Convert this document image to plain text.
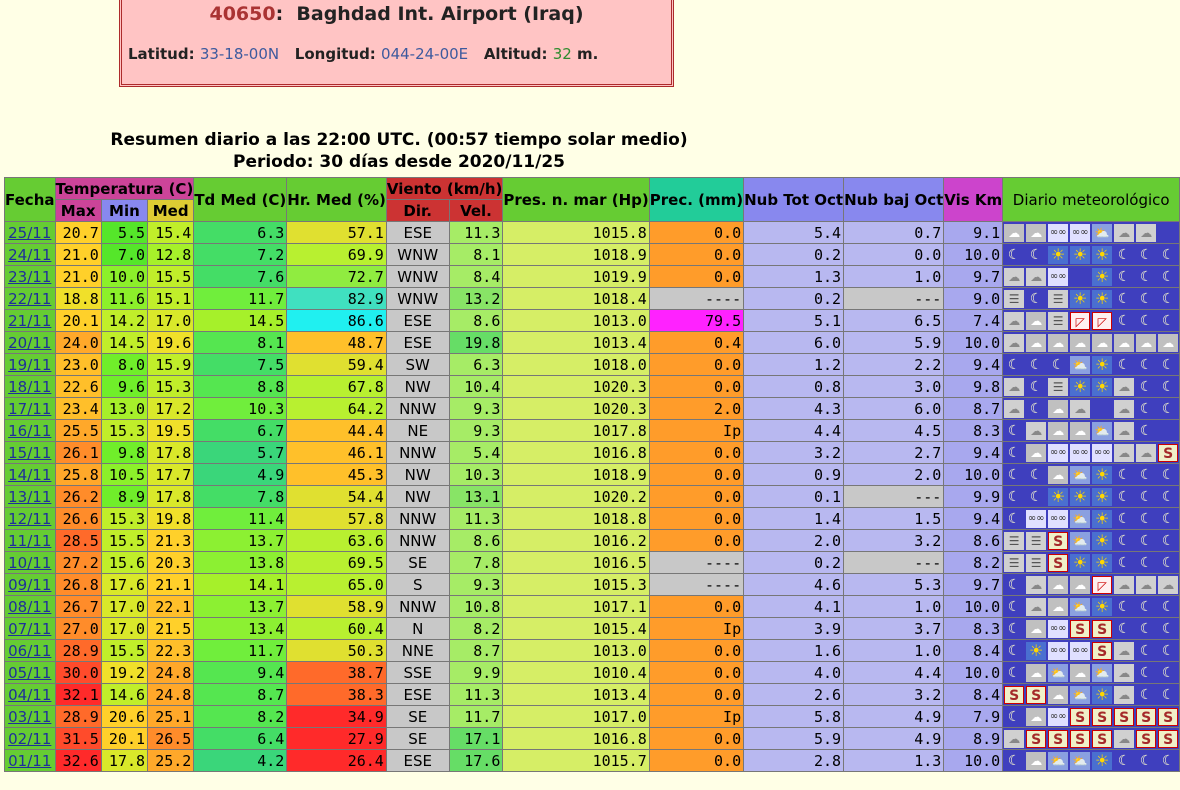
40650:  Baghdad Int. Airport (Iraq)
Latitud: 33-18-00N Longitud: 044-24-00E Altitud: 32 m.
Resumen diario a las 22:00 UTC. (00:57 tiempo solar medio)
Periodo: 30 días desde 2020/11/25
Fecha	Temperatura (C)			Td Med (C)	Hr. Med (%)	Viento (km/h)		Pres. n. mar (Hp)	Prec. (mm)	Nub Tot Oct	Nub baj Oct	Vis Km	Diario meteorológico
	Max	Min	Med			Dir.	Vel.						
25/11	20.7	5.5	15.4	6.3	57.1	ESE	11.3	1015.8	0.0	5.4	0.7	9.1	☁ ☁ ∞∞ ∞∞ ⛅ ☁ ☁
24/11	21.0	7.0	12.8	7.2	69.9	WNW	8.1	1018.9	0.0	0.2	0.0	10.0	☾ ☾ ☀ ☀ ☀ ☾ ☾ ☾
23/11	21.0	10.0	15.5	7.6	72.7	WNW	8.4	1019.9	0.0	1.3	1.0	9.7	☁ ☁ ∞∞ ☀ ☾ ☾ ☾
22/11	18.8	11.6	15.1	11.7	82.9	WNW	13.2	1018.4	----	0.2	---	9.0	☰ ☾ ☰ ☀ ☀ ☾ ☾ ☾
21/11	20.1	14.2	17.0	14.5	86.6	ESE	8.6	1013.0	79.5	5.1	6.5	7.4	☁ ☁ ☰ ◸ ◸ ☾ ☾ ☾
20/11	24.0	14.5	19.6	8.1	48.7	ESE	19.8	1013.4	0.4	6.0	5.9	10.0	☁ ☁ ☁ ☁ ☁ ☁ ☁ ☁
19/11	23.0	8.0	15.9	7.5	59.4	SW	6.3	1018.0	0.0	1.2	2.2	9.4	☾ ☾ ☾ ⛅ ☀ ☾ ☾ ☾
18/11	22.6	9.6	15.3	8.8	67.8	NW	10.4	1020.3	0.0	0.8	3.0	9.8	☁ ☾ ☰ ☀ ☀ ☁ ☾ ☾
17/11	23.4	13.0	17.2	10.3	64.2	NNW	9.3	1020.3	2.0	4.3	6.0	8.7	☁ ☾ ☁ ☁ ☁ ☾ ☾
16/11	25.5	15.3	19.5	6.7	44.4	NE	9.3	1017.8	Ip	4.4	4.5	8.3	☾ ☁ ☁ ☁ ⛅ ☁ ☾
15/11	26.1	9.8	17.8	5.7	46.1	NNW	5.4	1016.8	0.0	3.2	2.7	9.4	☾ ☁ ∞∞ ∞∞ ∞∞ ☁ ☁ S
14/11	25.8	10.5	17.7	4.9	45.3	NW	10.3	1018.9	0.0	0.9	2.0	10.0	☾ ☾ ☁ ⛅ ☀ ☾ ☾ ☾
13/11	26.2	8.9	17.8	7.8	54.4	NW	13.1	1020.2	0.0	0.1	---	9.9	☾ ☾ ☀ ☀ ☀ ☾ ☾ ☾
12/11	26.6	15.3	19.8	11.4	57.8	NNW	11.3	1018.8	0.0	1.4	1.5	9.4	☾ ∞∞ ∞∞ ⛅ ☀ ☾ ☾ ☾
11/11	28.5	15.5	21.3	13.7	63.6	NNW	8.6	1016.2	0.0	2.0	3.2	8.6	☰ ☰ S ⛅ ☀ ☾ ☾ ☾
10/11	27.2	15.6	20.3	13.8	69.5	SE	7.8	1016.5	----	0.2	---	8.2	☰ ☰ S ☀ ☀ ☾ ☾ ☾
09/11	26.8	17.6	21.1	14.1	65.0	S	9.3	1015.3	----	4.6	5.3	9.7	☾ ☁ ☁ ☁ ◸ ☁ ☁ ☁
08/11	26.7	17.0	22.1	13.7	58.9	NNW	10.8	1017.1	0.0	4.1	1.0	10.0	☾ ☁ ☁ ⛅ ☀ ☾ ☾ ☾
07/11	27.0	17.0	21.5	13.4	60.4	N	8.2	1015.4	Ip	3.9	3.7	8.3	☾ ☁ ∞∞ S S ☾ ☾ ☾
06/11	28.9	15.5	22.3	11.7	50.3	NNE	8.7	1013.0	0.0	1.6	1.0	8.4	☾ ☀ ∞∞ ∞∞ S ☁ ☾ ☾
05/11	30.0	19.2	24.8	9.4	38.7	SSE	9.9	1010.4	0.0	4.0	4.4	10.0	☾ ☁ ⛅ ☁ ⛅ ☁ ☾ ☾
04/11	32.1	14.6	24.8	8.7	38.3	ESE	11.3	1013.4	0.0	2.6	3.2	8.4	S S ☁ ⛅ ☀ ☁ ☾ ☾
03/11	28.9	20.6	25.1	8.2	34.9	SE	11.7	1017.0	Ip	5.8	4.9	7.9	☾ ☁ ∞∞ S S S S S
02/11	31.5	20.1	26.5	6.4	27.9	SE	17.1	1016.8	0.0	5.9	4.9	8.9	☁ S S S S ☁ S S
01/11	32.6	17.8	25.2	4.2	26.4	ESE	17.6	1015.7	0.0	2.8	1.3	10.0	☾ ☁ ⛅ ⛅ ☀ ☾ ☾ ☾
